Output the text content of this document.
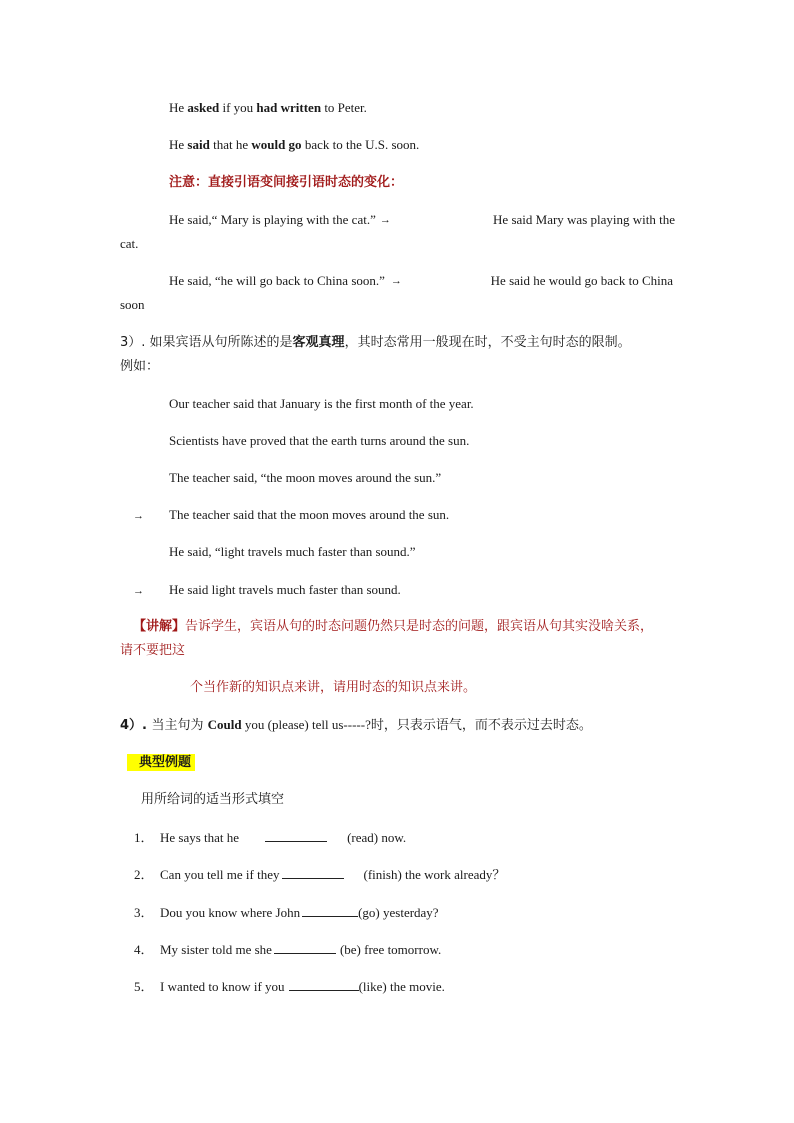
He asked if you had written to Peter.
He said that he would go back to the U.S. soon.
注意：直接引语变间接引语时态的变化：
He said,“ Mary is playing with the cat.” →	He said Mary was playing with the
cat.
He said, “he will go back to China soon.” →	He said he would go back to China
soon
3）. 如果宾语从句所陈述的是客观真理，其时态常用一般现在时，不受主句时态的限制。
例如：
Our teacher said that January is the first month of the year.
Scientists have proved that the earth turns around the sun.
The teacher said, “the moon moves around the sun.”
→ The teacher said that the moon moves around the sun.
He said, “light travels much faster than sound.”
→ He said light travels much faster than sound.
【讲解】告诉学生，宾语从句的时态问题仍然只是时态的问题，跟宾语从句其实没啥关系，
请不要把这
个当作新的知识点来讲，请用时态的知识点来讲。
4）. 当主句为 Could you (please) tell us-----?时，只表示语气，而不表示过去时态。
典型例题
用所给词的适当形式填空
1． He says that he	(read) now.
2． Can you tell me if they	(finish) the work already？
3． Dou you know where John	(go) yesterday?
4． My sister told me she	(be) free tomorrow.
5． I wanted to know if you	(like) the movie.
